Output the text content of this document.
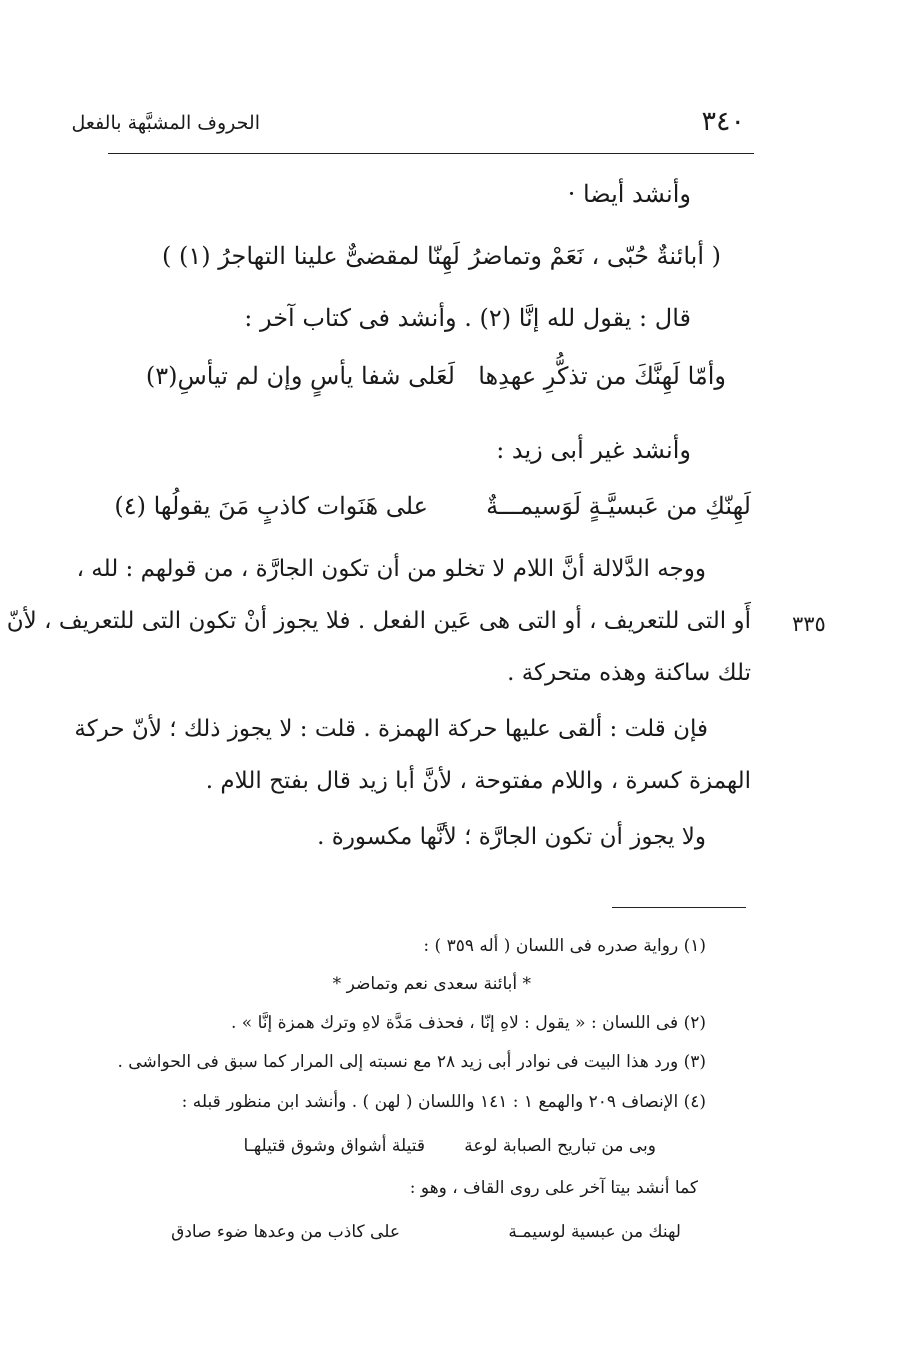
٣٤٠
الحروف المشبَّهة بالفعل
وأنشد أيضا ·
( أبائنةٌ حُبّى ، نَعَمْ وتماضرُ
لَهِنّا لمقضىٌّ علينا التهاجرُ (١) )
قال : يقول لله إنَّا (٢) . وأنشد فى كتاب آخر :
وأمّا لَهِنَّكَ من تذكُّرِ عهدِها
لَعَلى شفا يأسٍ وإن لم تيأسِ(٣)
وأنشد غير أبى زيد :
لَهِنّكِ من عَبسيَّـةٍ لَوَسيمـــةٌ
على هَنَوات كاذبٍ مَنَ يقولُها (٤)
ووجه الدَّلالة أنَّ اللام لا تخلو من أن تكون الجارَّة ، من قولهم : لله ،
أَو التى للتعريف ، أو التى هى عَين الفعل . فلا يجوز أنْ تكون التى للتعريف ، لأنّ
تلك ساكنة وهذه متحركة .
٣٣٥
فإن قلت : ألقى عليها حركة الهمزة . قلت : لا يجوز ذلك ؛ لأنّ حركة
الهمزة كسرة ، واللام مفتوحة ، لأنَّ أبا زيد قال بفتح اللام .
ولا يجوز أن تكون الجارَّة ؛ لأنَّها مكسورة .
(١) رواية صدره فى اللسان ( أله ٣٥٩ ) :
* أبائنة سعدى نعم وتماضر *
(٢) فى اللسان : « يقول : لاهِ إنّا ، فحذف مَدَّة لاهِ وترك همزة إنَّا » .
(٣) ورد هذا البيت فى نوادر أبى زيد ٢٨ مع نسبته إلى المرار كما سبق فى الحواشى .
(٤) الإنصاف ٢٠٩ والهمع ١ : ١٤١ واللسان ( لهن ) . وأنشد ابن منظور قبله :
وبى من تباريح الصبابة لوعة
قتيلة أشواق وشوق قتيلهـا
كما أنشد بيتا آخر على روى القاف ، وهو :
لهنك من عبسية لوسيمـة
على كاذب من وعدها ضوء صادق
